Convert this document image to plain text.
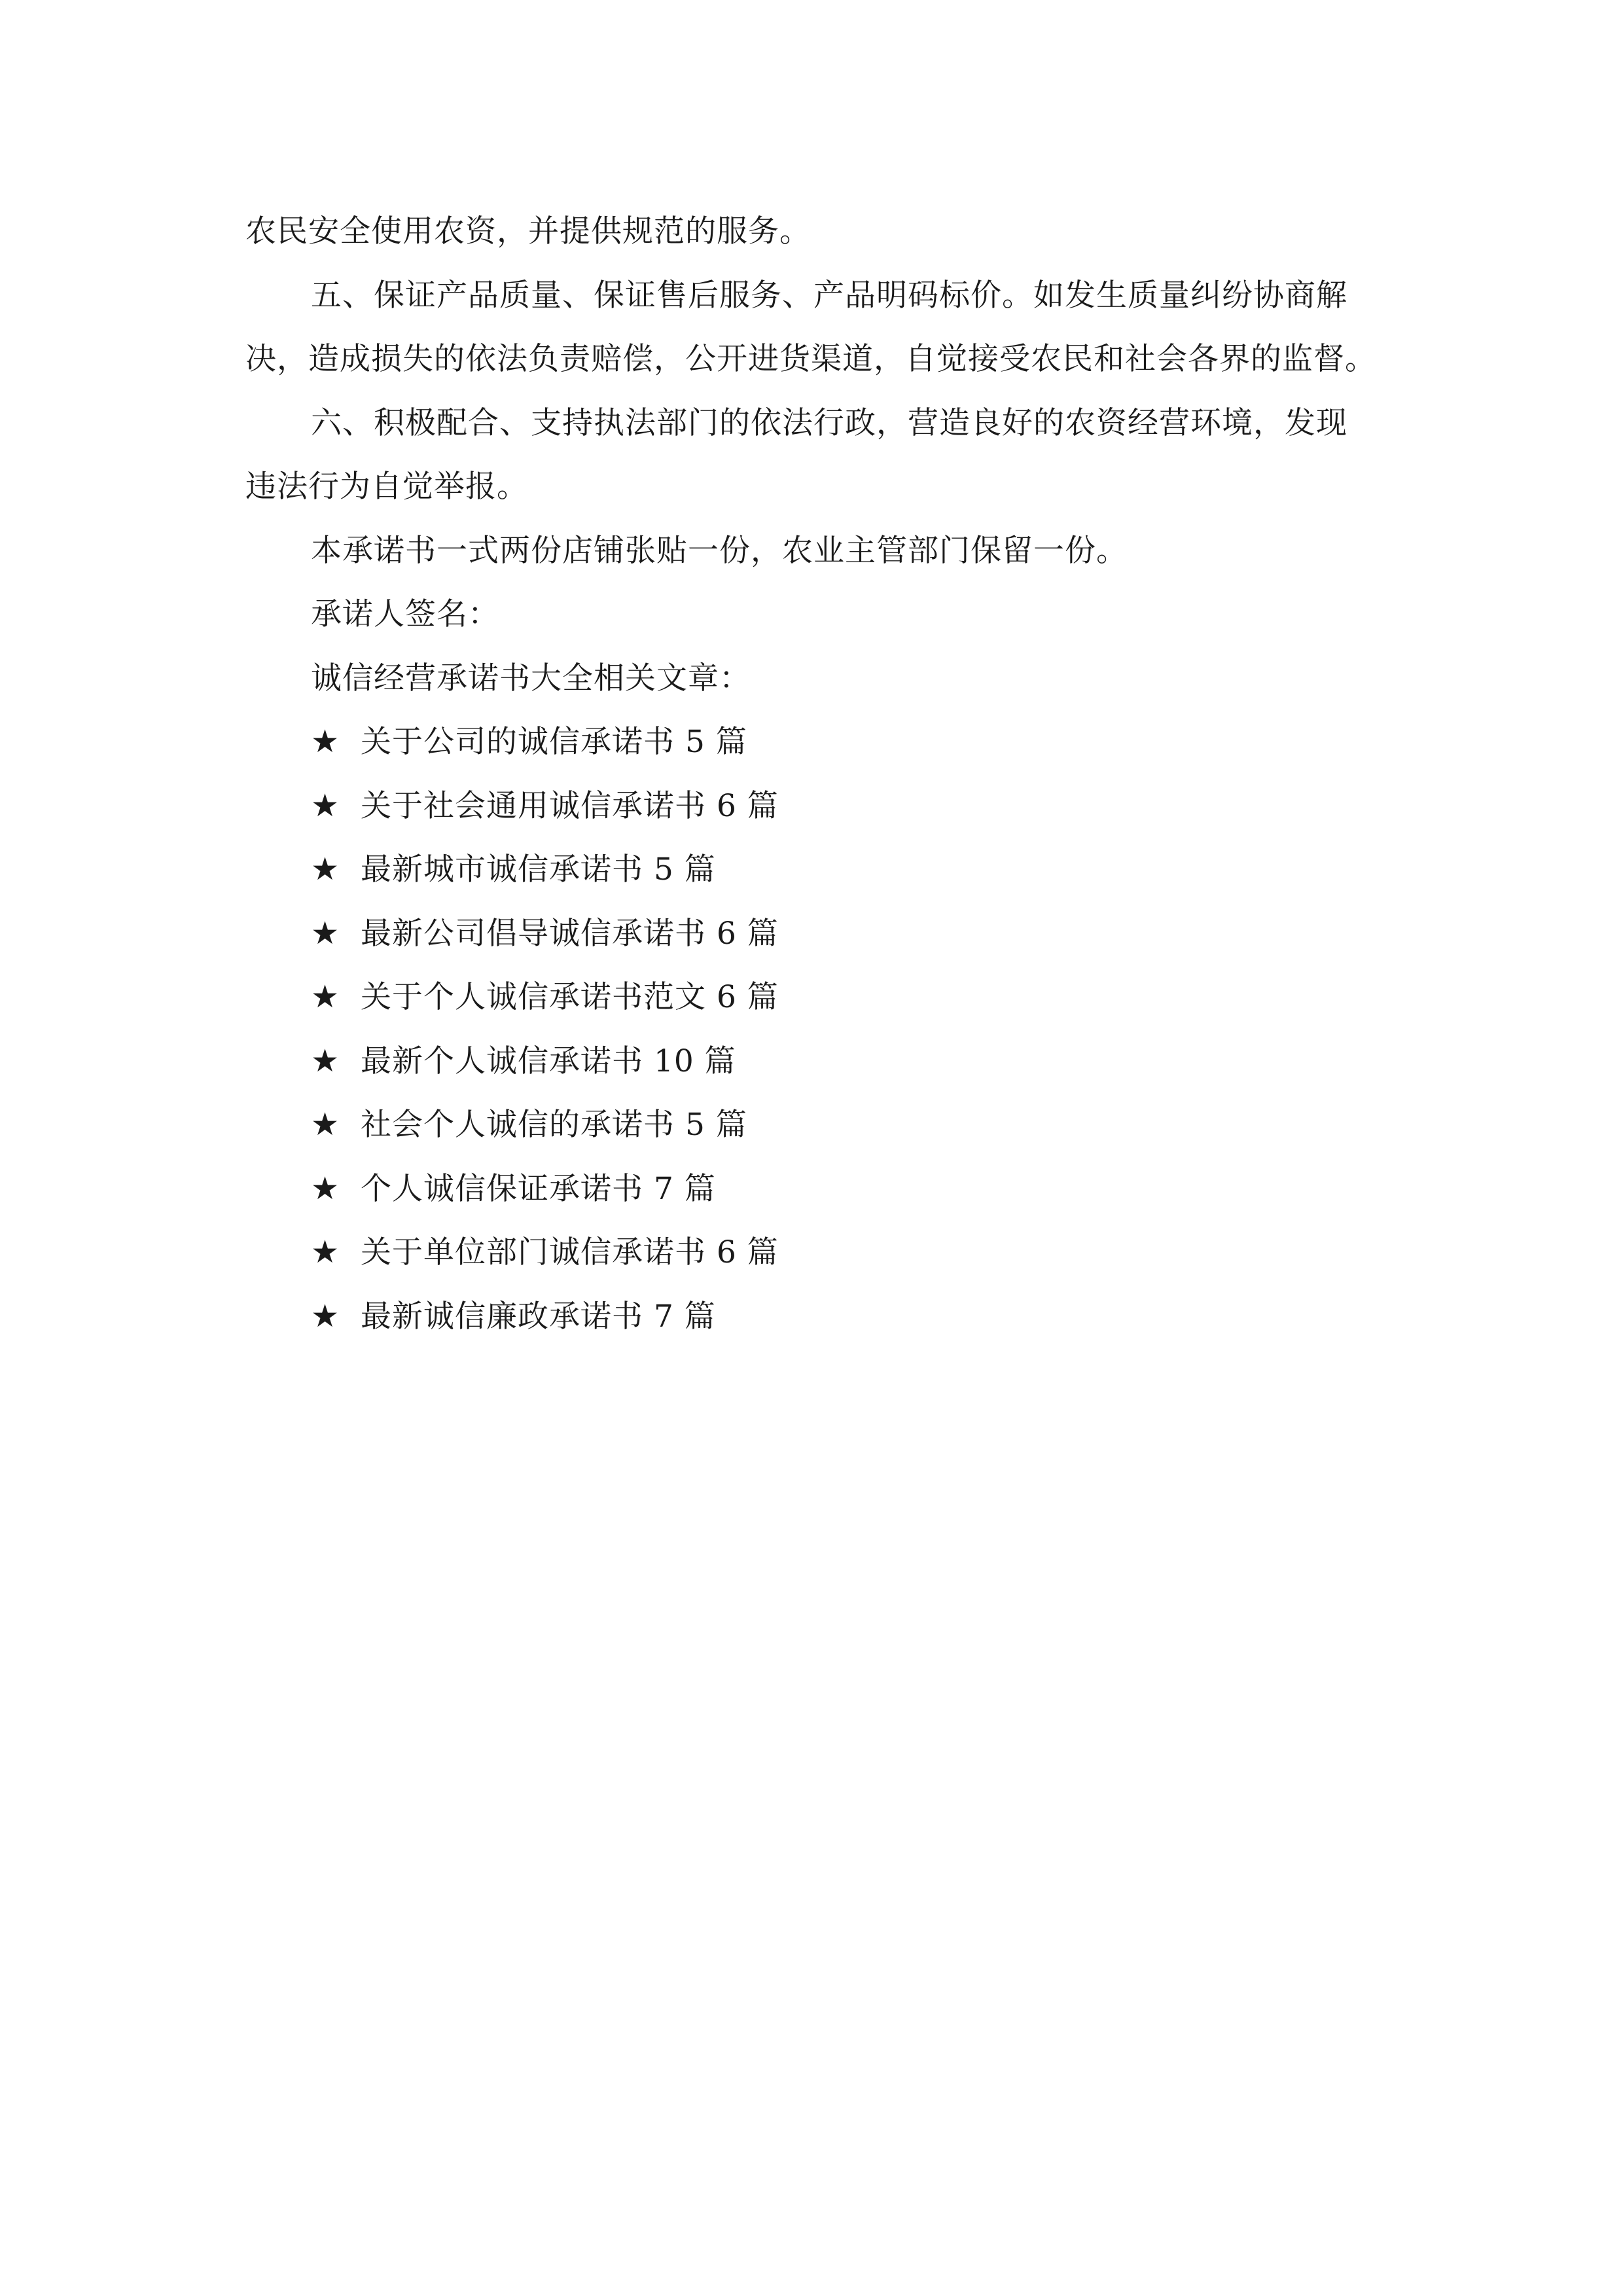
农民安全使用农资，并提供规范的服务。
五、保证产品质量、保证售后服务、产品明码标价。如发生质量纠纷协商解
决，造成损失的依法负责赔偿，公开进货渠道，自觉接受农民和社会各界的监督。
六、积极配合、支持执法部门的依法行政，营造良好的农资经营环境，发现
违法行为自觉举报。
本承诺书一式两份店铺张贴一份，农业主管部门保留一份。
承诺人签名：
诚信经营承诺书大全相关文章：
★ 关于公司的诚信承诺书 5 篇
★ 关于社会通用诚信承诺书 6 篇
★ 最新城市诚信承诺书 5 篇
★ 最新公司倡导诚信承诺书 6 篇
★ 关于个人诚信承诺书范文 6 篇
★ 最新个人诚信承诺书 10 篇
★ 社会个人诚信的承诺书 5 篇
★ 个人诚信保证承诺书 7 篇
★ 关于单位部门诚信承诺书 6 篇
★ 最新诚信廉政承诺书 7 篇
